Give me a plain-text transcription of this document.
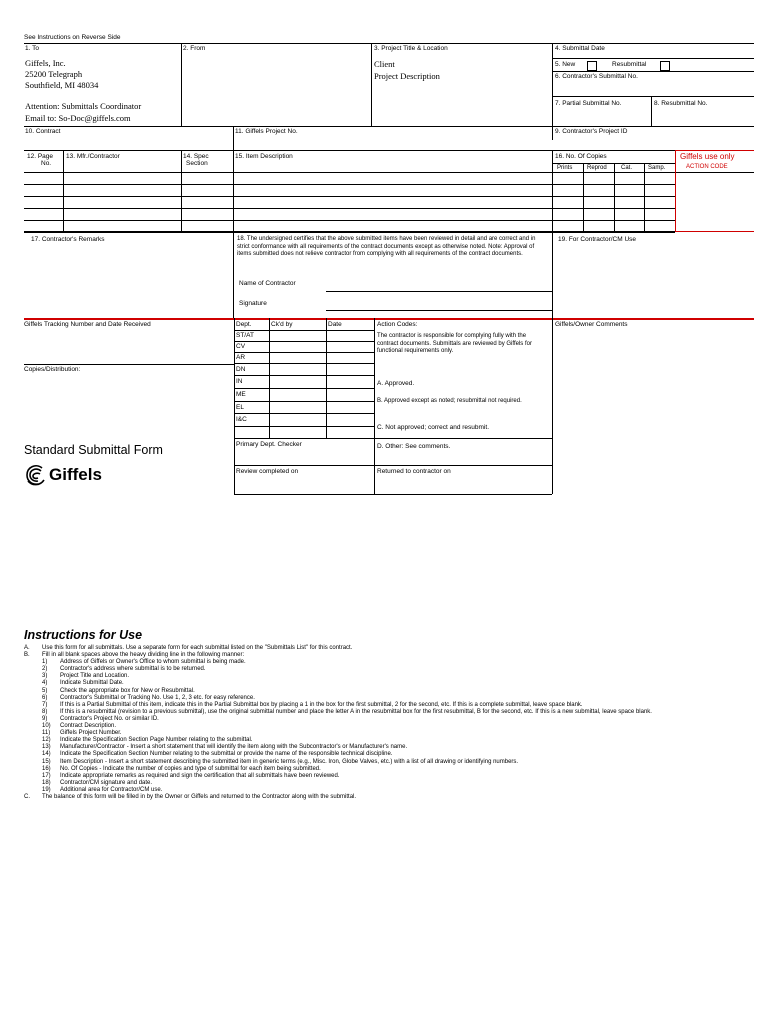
See Instructions on Reverse Side
1. To
Giffels, Inc.
25200 Telegraph
Southfield, MI 48034
Attention: Submittals Coordinator
Email to: So-Doc@giffels.com
2. From	3. Project Title & Location
Client
Project Description
4. Submittal Date
5. New	Resubmittal
6. Contractor's Submittal No.
7. Partial Submittal No.	8. Resubmittal No.
10. Contract	11. Giffels Project No.	9. Contractor's Project ID
12. Page
No.
13. Mfr./Contractor	14. Spec
Section
15. Item Description	16. No. Of Copies	Giffels use only
ACTION CODE
Prints Reprod Cat.	Samp.
17. Contractor's Remarks	18. The undersigned certifies that the above submitted items have been reviewed in detail and are correct and in strict conformance with all requirements of the contract documents except as otherwise noted. Note: Approval of items submitted does not relieve contractor from complying with all requirements of the contract documents.
Name of Contractor
Signature
19. For Contractor/CM Use
Giffels Tracking Number and Date Received
Copies/Distribution:
Dept.	Ck'd by	Date
ST/AT
CV
AR
DN
IN
ME
EL
I&C
Primary Dept. Checker
Review completed on
Action Codes:
The contractor is responsible for complying fully with the contract documents. Submittals are reviewed by Giffels for functional requirements only.
A. Approved.
B. Approved except as noted; resubmittal not required.
C. Not approved; correct and resubmit.
D. Other: See comments.
Returned to contractor on
Giffels/Owner Comments
Standard Submittal Form
Giffels
Instructions for Use
A.	Use this form for all submittals. Use a separate form for each submittal listed on the "Submittals List" for this contract.
B.	Fill in all blank spaces above the heavy dividing line in the following manner:
1)	Address of Giffels or Owner's Office to whom submittal is being made.
2)	Contractor's address where submittal is to be returned.
3)	Project Title and Location.
4)	Indicate Submittal Date.
5)	Check the appropriate box for New or Resubmittal.
6)	Contractor's Submittal or Tracking No. Use 1, 2, 3 etc. for easy reference.
7)	If this is a Partial Submittal of this item, indicate this in the Partial Submittal box by placing a 1 in the box for the first submittal, 2 for the second, etc. If this is a complete submittal, leave space blank.
8)	If this is a resubmittal (revision to a previous submittal), use the original submittal number and place the letter A in the resubmittal box for the first resubmittal, B for the second, etc. If this is a new submittal, leave space blank.
9)	Contractor's Project No. or similar ID.
10)	Contract Description.
11)	Giffels Project Number.
12)	Indicate the Specification Section Page Number relating to the submittal.
13)	Manufacturer/Contractor - Insert a short statement that will identify the item along with the Subcontractor's or Manufacturer's name.
14)	Indicate the Specification Section Number relating to the submittal or provide the name of the responsible technical discipline.
15)	Item Description - Insert a short statement describing the submitted item in generic terms (e.g., Misc. Iron, Globe Valves, etc.) with a list of all drawing or identifying numbers.
16)	No. Of Copies - Indicate the number of copies and type of submittal for each item being submitted.
17)	Indicate appropriate remarks as required and sign the certification that all submittals have been reviewed.
18)	Contractor/CM signature and date.
19)	Additional area for Contractor/CM use.
C.	The balance of this form will be filled in by the Owner or Giffels and returned to the Contractor along with the submittal.
